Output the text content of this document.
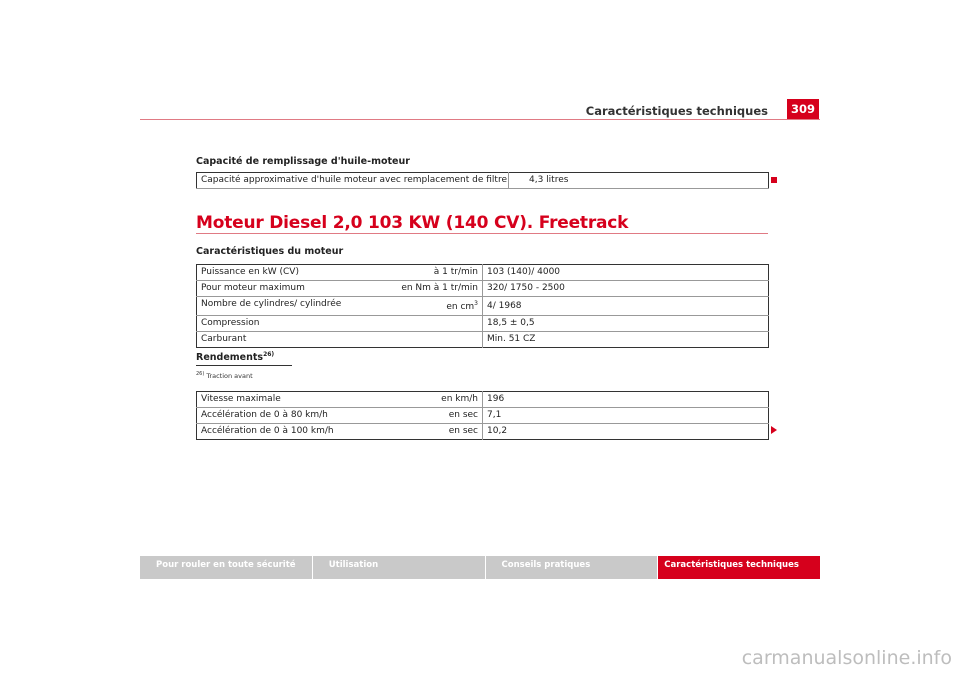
Caractéristiques techniques	309
Capacité de remplissage d'huile-moteur
Capacité approximative d'huile moteur avec remplacement de filtre	4,3 litres
Moteur Diesel 2,0 103 KW (140 CV). Freetrack
Caractéristiques du moteur
Puissance en kW (CV)	à 1 tr/min	103 (140)/ 4000
Pour moteur maximum	en Nm à 1 tr/min	320/ 1750 - 2500
Nombre de cylindres/ cylindrée	en $cm^3$	4/ 1968
Compression		18,5 ± 0,5
Carburant		Min. 51 CZ
Rendements$^{26)}$
$^{26)}$ Traction avant
Vitesse maximale	en km/h	196
Accélération de 0 à 80 km/h	en sec	7,1
Accélération de 0 à 100 km/h	en sec	10,2
Pour rouler en toute sécurité	Utilisation	Conseils pratiques	Caractéristiques techniques
carmanualsonline.info
